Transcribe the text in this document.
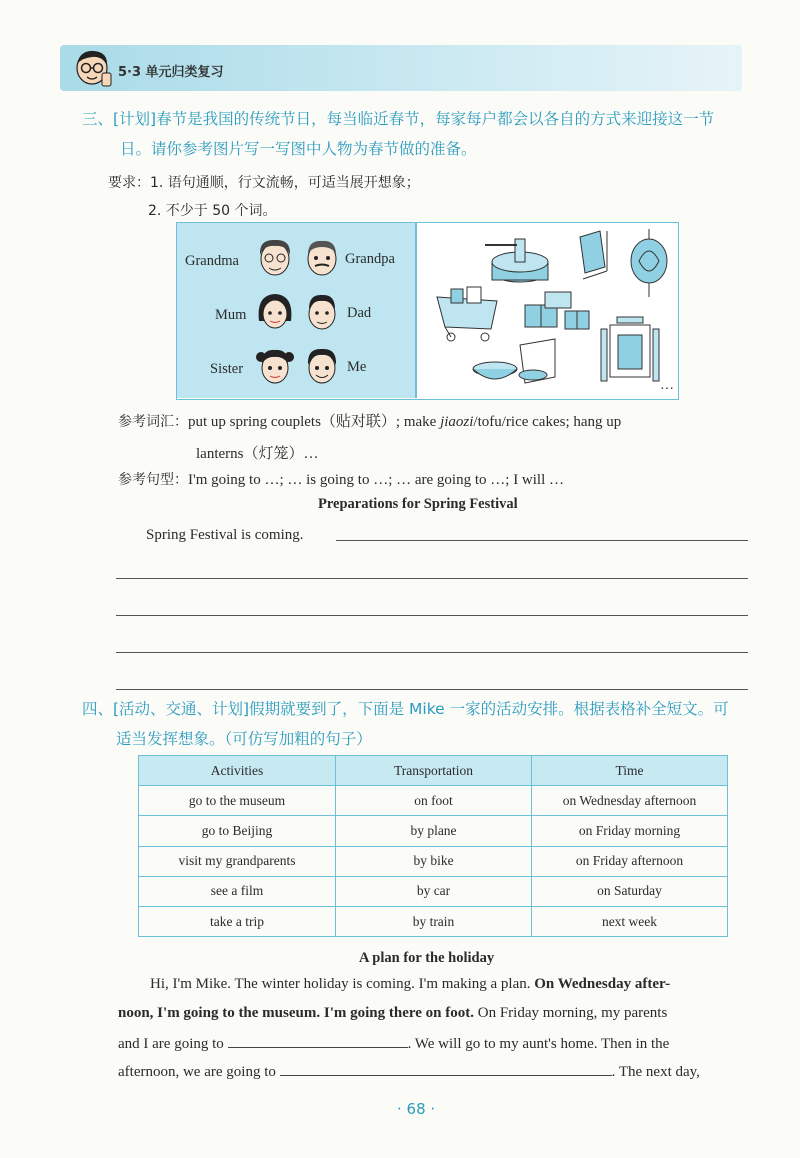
5·3 单元归类复习
三、[计划]春节是我国的传统节日，每当临近春节，每家每户都会以各自的方式来迎接这一节
日。请你参考图片写一写图中人物为春节做的准备。
要求：1. 语句通顺，行文流畅，可适当展开想象；
2. 不少于 50 个词。
Grandma	Grandpa
Mum	Dad
Sister	Me
…
参考词汇：put up spring couplets（贴对联）; make jiaozi/tofu/rice cakes; hang up
lanterns（灯笼）…
参考句型：I'm going to …; … is going to …; … are going to …; I will …
Preparations for Spring Festival
Spring Festival is coming.
四、[活动、交通、计划]假期就要到了，下面是 Mike 一家的活动安排。根据表格补全短文。可
适当发挥想象。（可仿写加粗的句子）
Activities	Transportation	Time
go to the museum	on foot	on Wednesday afternoon
go to Beijing	by plane	on Friday morning
visit my grandparents	by bike	on Friday afternoon
see a film	by car	on Saturday
take a trip	by train	next week
A plan for the holiday
Hi, I'm Mike. The winter holiday is coming. I'm making a plan. On Wednesday after-
noon, I'm going to the museum. I'm going there on foot. On Friday morning, my parents
and I are going to	. We will go to my aunt's home. Then in the
afternoon, we are going to	. The next day,
· 68 ·
